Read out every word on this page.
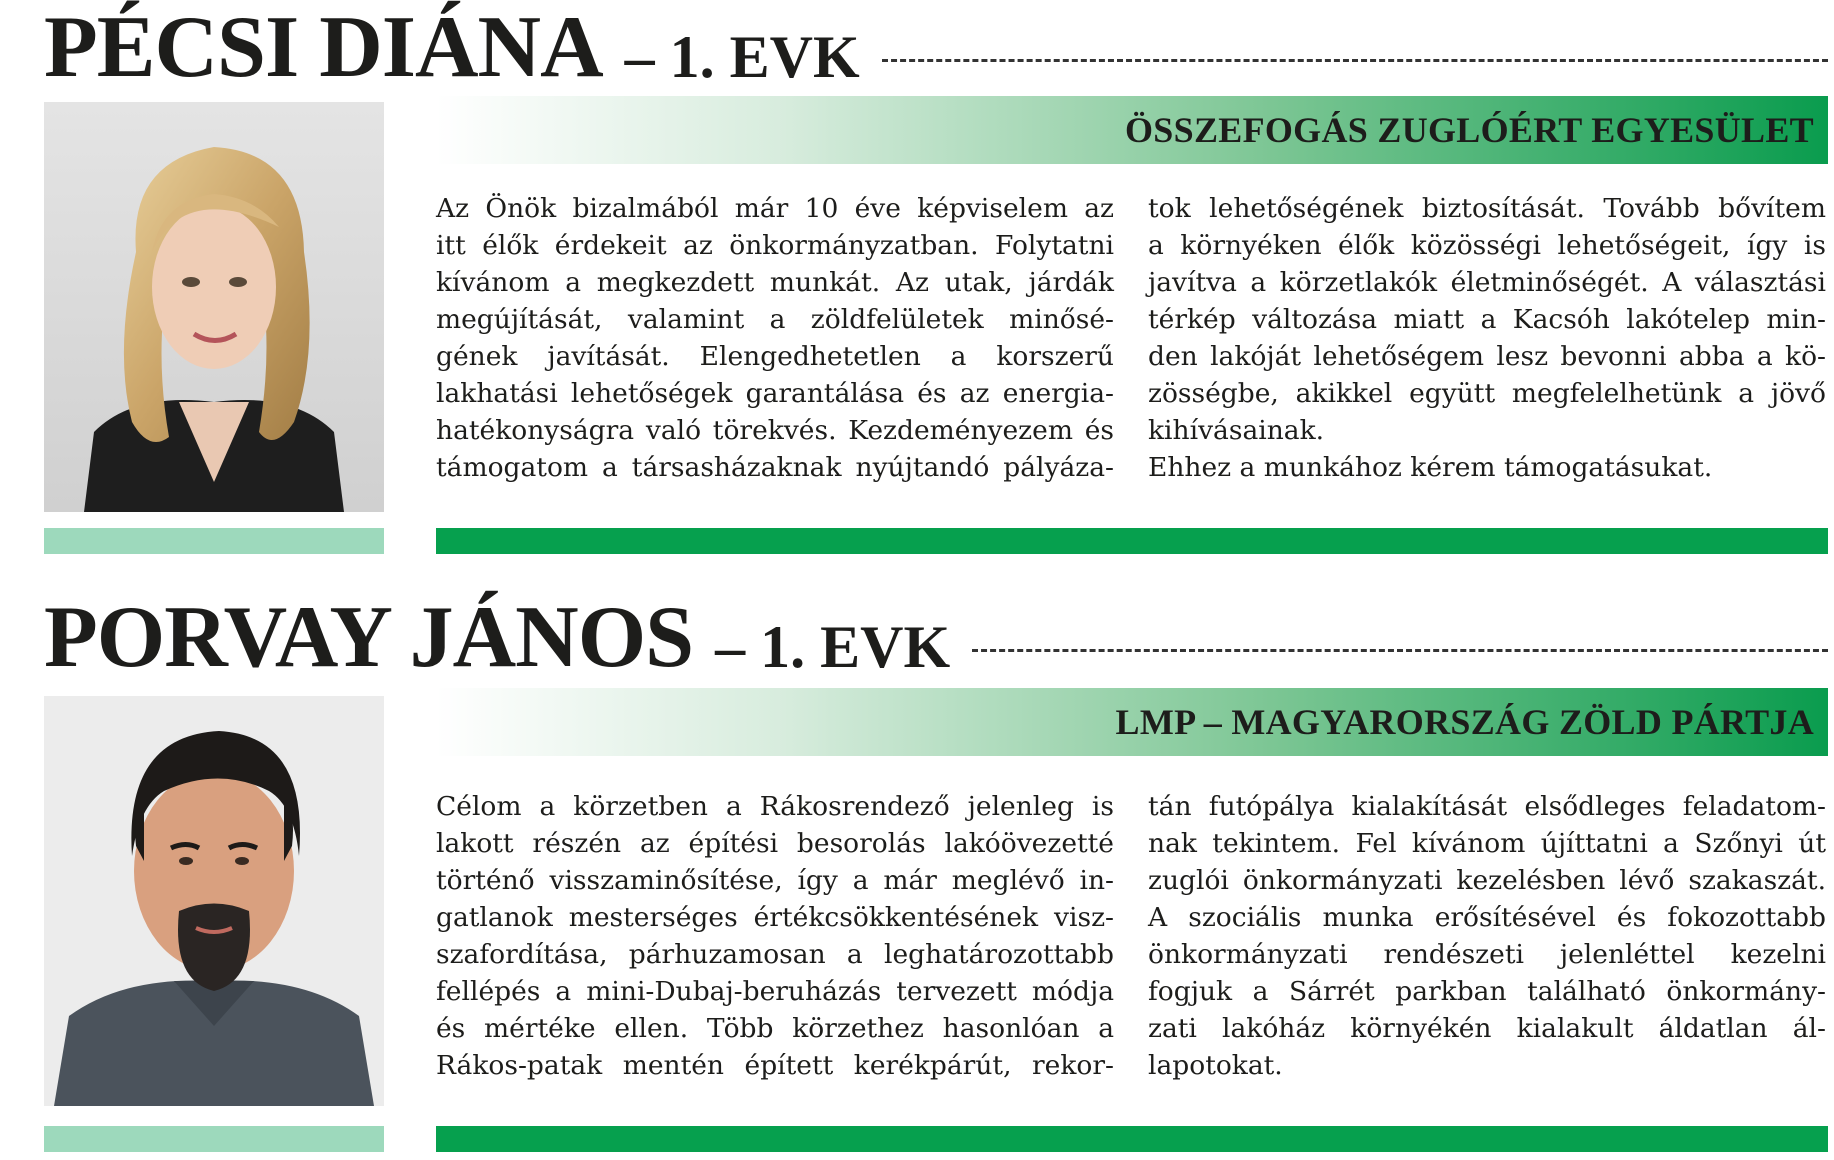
PÉCSI DIÁNA – 1. EVK
ÖSSZEFOGÁS ZUGLÓÉRT EGYESÜLET
Az Önök bizalmából már 10 éve képviselem az
itt élők érdekeit az önkormányzatban. Folytatni
kívánom a megkezdett munkát. Az utak, járdák
megújítását, valamint a zöldfelületek minősé-
gének javítását. Elengedhetetlen a korszerű
lakhatási lehetőségek garantálása és az energia-
hatékonyságra való törekvés. Kezdeményezem és
támogatom a társasházaknak nyújtandó pályáza-
tok lehetőségének biztosítását. Tovább bővítem
a környéken élők közösségi lehetőségeit, így is
javítva a körzetlakók életminőségét. A választási
térkép változása miatt a Kacsóh lakótelep min-
den lakóját lehetőségem lesz bevonni abba a kö-
zösségbe, akikkel együtt megfelelhetünk a jövő
kihívásainak.
Ehhez a munkához kérem támogatásukat.
PORVAY JÁNOS – 1. EVK
LMP – MAGYARORSZÁG ZÖLD PÁRTJA
Célom a körzetben a Rákosrendező jelenleg is
lakott részén az építési besorolás lakóövezetté
történő visszaminősítése, így a már meglévő in-
gatlanok mesterséges értékcsökkentésének visz-
szafordítása, párhuzamosan a leghatározottabb
fellépés a mini-Dubaj-beruházás tervezett módja
és mértéke ellen. Több körzethez hasonlóan a
Rákos-patak mentén épített kerékpárút, rekor-
tán futópálya kialakítását elsődleges feladatom-
nak tekintem. Fel kívánom újíttatni a Szőnyi út
zuglói önkormányzati kezelésben lévő szakaszát.
A szociális munka erősítésével és fokozottabb
önkormányzati rendészeti jelenléttel kezelni
fogjuk a Sárrét parkban található önkormány-
zati lakóház környékén kialakult áldatlan ál-
lapotokat.
